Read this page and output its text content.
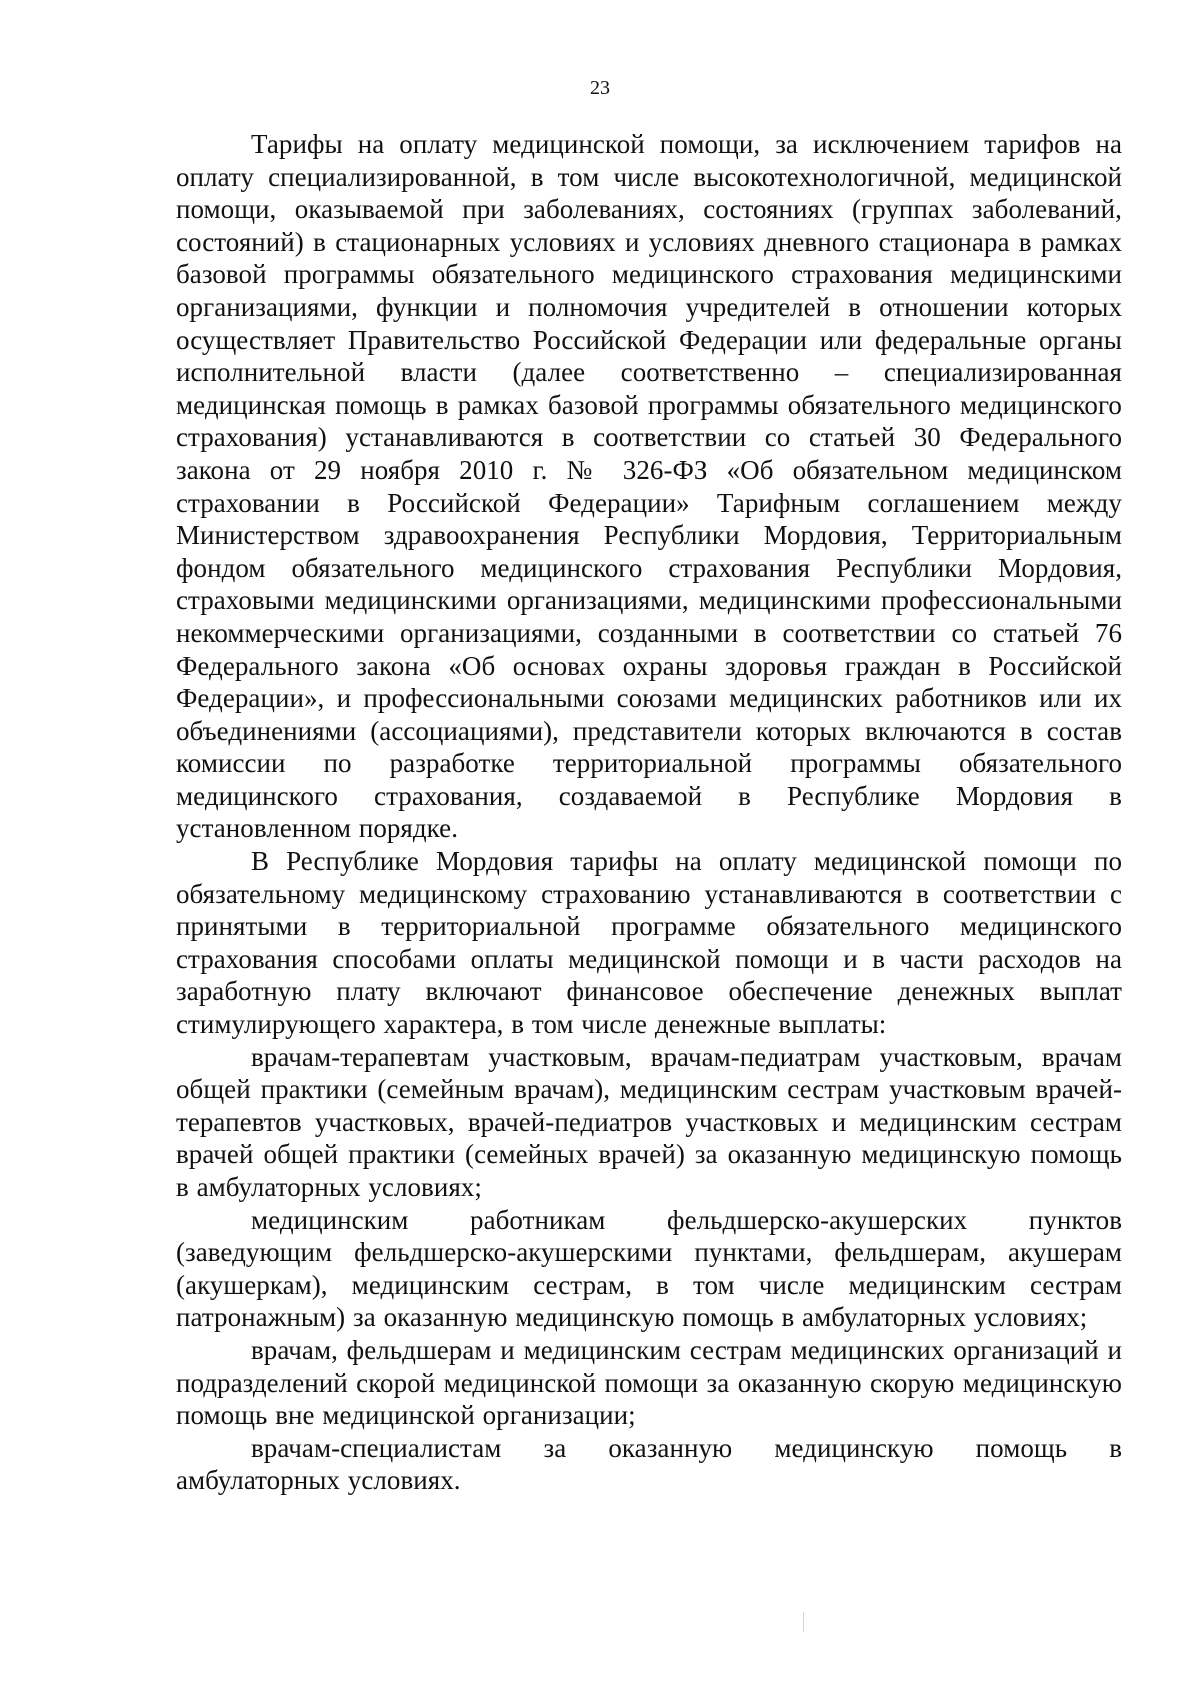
23

Тарифы на оплату медицинской помощи, за исключением тарифов на оплату специализированной, в том числе высокотехнологичной, медицинской помощи, оказываемой при заболеваниях, состояниях (группах заболеваний, состояний) в стационарных условиях и условиях дневного стационара в рамках базовой программы обязательного медицинского страхования медицинскими организациями, функции и полномочия учредителей в отношении которых осуществляет Правительство Российской Федерации или федеральные органы исполнительной власти (далее соответственно – специализированная медицинская помощь в рамках базовой программы обязательного медицинского страхования) устанавливаются в соответствии со статьей 30 Федерального закона от 29 ноября 2010 г. № 326-ФЗ «Об обязательном медицинском страховании в Российской Федерации» Тарифным соглашением между Министерством здравоохранения Республики Мордовия, Территориальным фондом обязательного медицинского страхования Республики Мордовия, страховыми медицинскими организациями, медицинскими профессиональными некоммерческими организациями, созданными в соответствии со статьей 76 Федерального закона «Об основах охраны здоровья граждан в Российской Федерации», и профессиональными союзами медицинских работников или их объединениями (ассоциациями), представители которых включаются в состав комиссии по разработке территориальной программы обязательного медицинского страхования, создаваемой в Республике Мордовия в установленном порядке.

В Республике Мордовия тарифы на оплату медицинской помощи по обязательному медицинскому страхованию устанавливаются в соответствии с принятыми в территориальной программе обязательного медицинского страхования способами оплаты медицинской помощи и в части расходов на заработную плату включают финансовое обеспечение денежных выплат стимулирующего характера, в том числе денежные выплаты:

врачам-терапевтам участковым, врачам-педиатрам участковым, врачам общей практики (семейным врачам), медицинским сестрам участковым врачей-терапевтов участковых, врачей-педиатров участковых и медицинским сестрам врачей общей практики (семейных врачей) за оказанную медицинскую помощь в амбулаторных условиях;

медицинским работникам фельдшерско-акушерских пунктов (заведующим фельдшерско-акушерскими пунктами, фельдшерам, акушерам (акушеркам), медицинским сестрам, в том числе медицинским сестрам патронажным) за оказанную медицинскую помощь в амбулаторных условиях;

врачам, фельдшерам и медицинским сестрам медицинских организаций и подразделений скорой медицинской помощи за оказанную скорую медицинскую помощь вне медицинской организации;

врачам-специалистам за оказанную медицинскую помощь в амбулаторных условиях.
